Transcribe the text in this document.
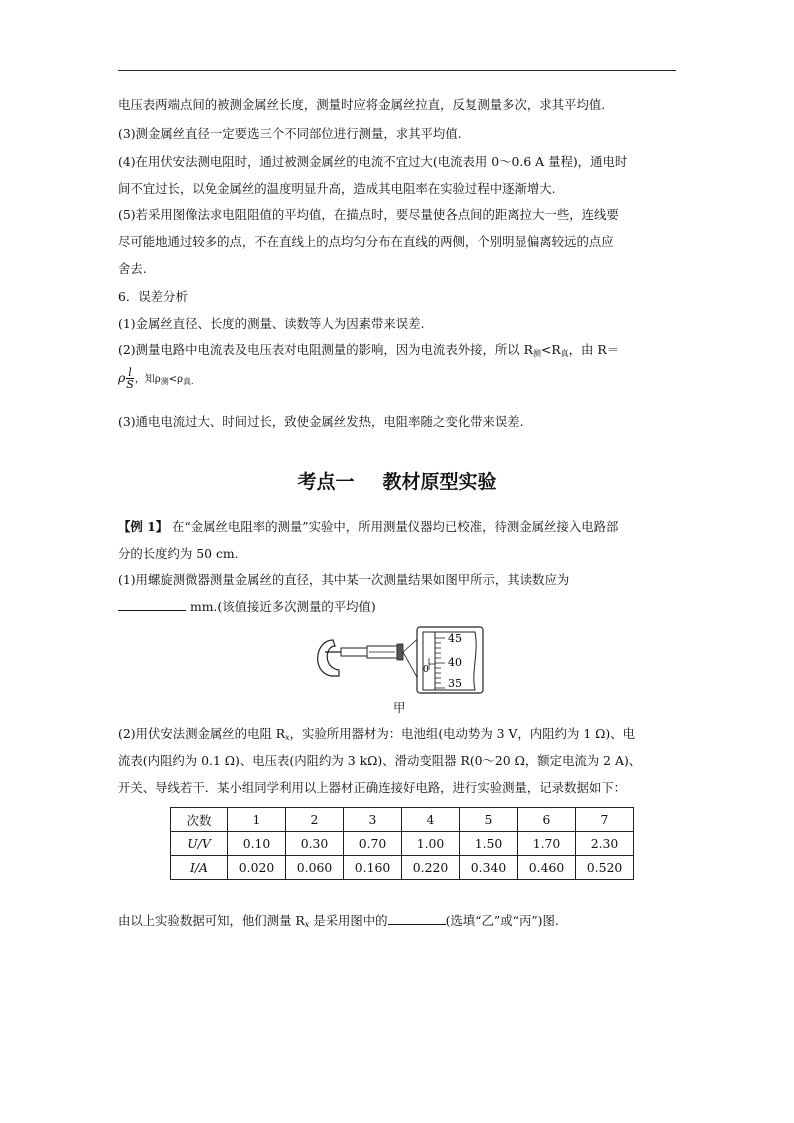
电压表两端点间的被测金属丝长度，测量时应将金属丝拉直，反复测量多次，求其平均值.
(3)测金属丝直径一定要选三个不同部位进行测量，求其平均值.
(4)在用伏安法测电阻时，通过被测金属丝的电流不宜过大(电流表用 0～0.6 A 量程)，通电时
间不宜过长，以免金属丝的温度明显升高，造成其电阻率在实验过程中逐渐增大.
(5)若采用图像法求电阻阻值的平均值，在描点时，要尽量使各点间的距离拉大一些，连线要
尽可能地通过较多的点，不在直线上的点均匀分布在直线的两侧，个别明显偏离较远的点应
舍去.
6．误差分析
(1)金属丝直径、长度的测量、读数等人为因素带来误差.
(2)测量电路中电流表及电压表对电阻测量的影响，因为电流表外接，所以 $R_测<R_真$，由 R＝
ρ $\frac{l}{S}$ ，知$\rho_测<\rho_{真.}$
(3)通电电流过大、时间过长，致使金属丝发热，电阻率随之变化带来误差.
考点一 教材原型实验
【例 1】 在“金属丝电阻率的测量”实验中，所用测量仪器均已校准，待测金属丝接入电路部
分的长度约为 50 cm.
(1)用螺旋测微器测量金属丝的直径，其中某一次测量结果如图甲所示，其读数应为
mm.(该值接近多次测量的平均值)
45
40
35
0
甲
(2)用伏安法测金属丝的电阻 $R_x$，实验所用器材为：电池组(电动势为 3 V，内阻约为 1 Ω)、电
流表(内阻约为 0.1 Ω)、电压表(内阻约为 3 kΩ)、滑动变阻器 R(0～20 Ω，额定电流为 2 A)、
开关、导线若干．某小组同学利用以上器材正确连接好电路，进行实验测量，记录数据如下：
次数	1	2	3	4	5	6	7
U/V	0.10	0.30	0.70	1.00	1.50	1.70	2.30
I/A	0.020	0.060	0.160	0.220	0.340	0.460	0.520
由以上实验数据可知，他们测量 $R_x$ 是采用图中的	(选填“乙”或“丙”)图.
